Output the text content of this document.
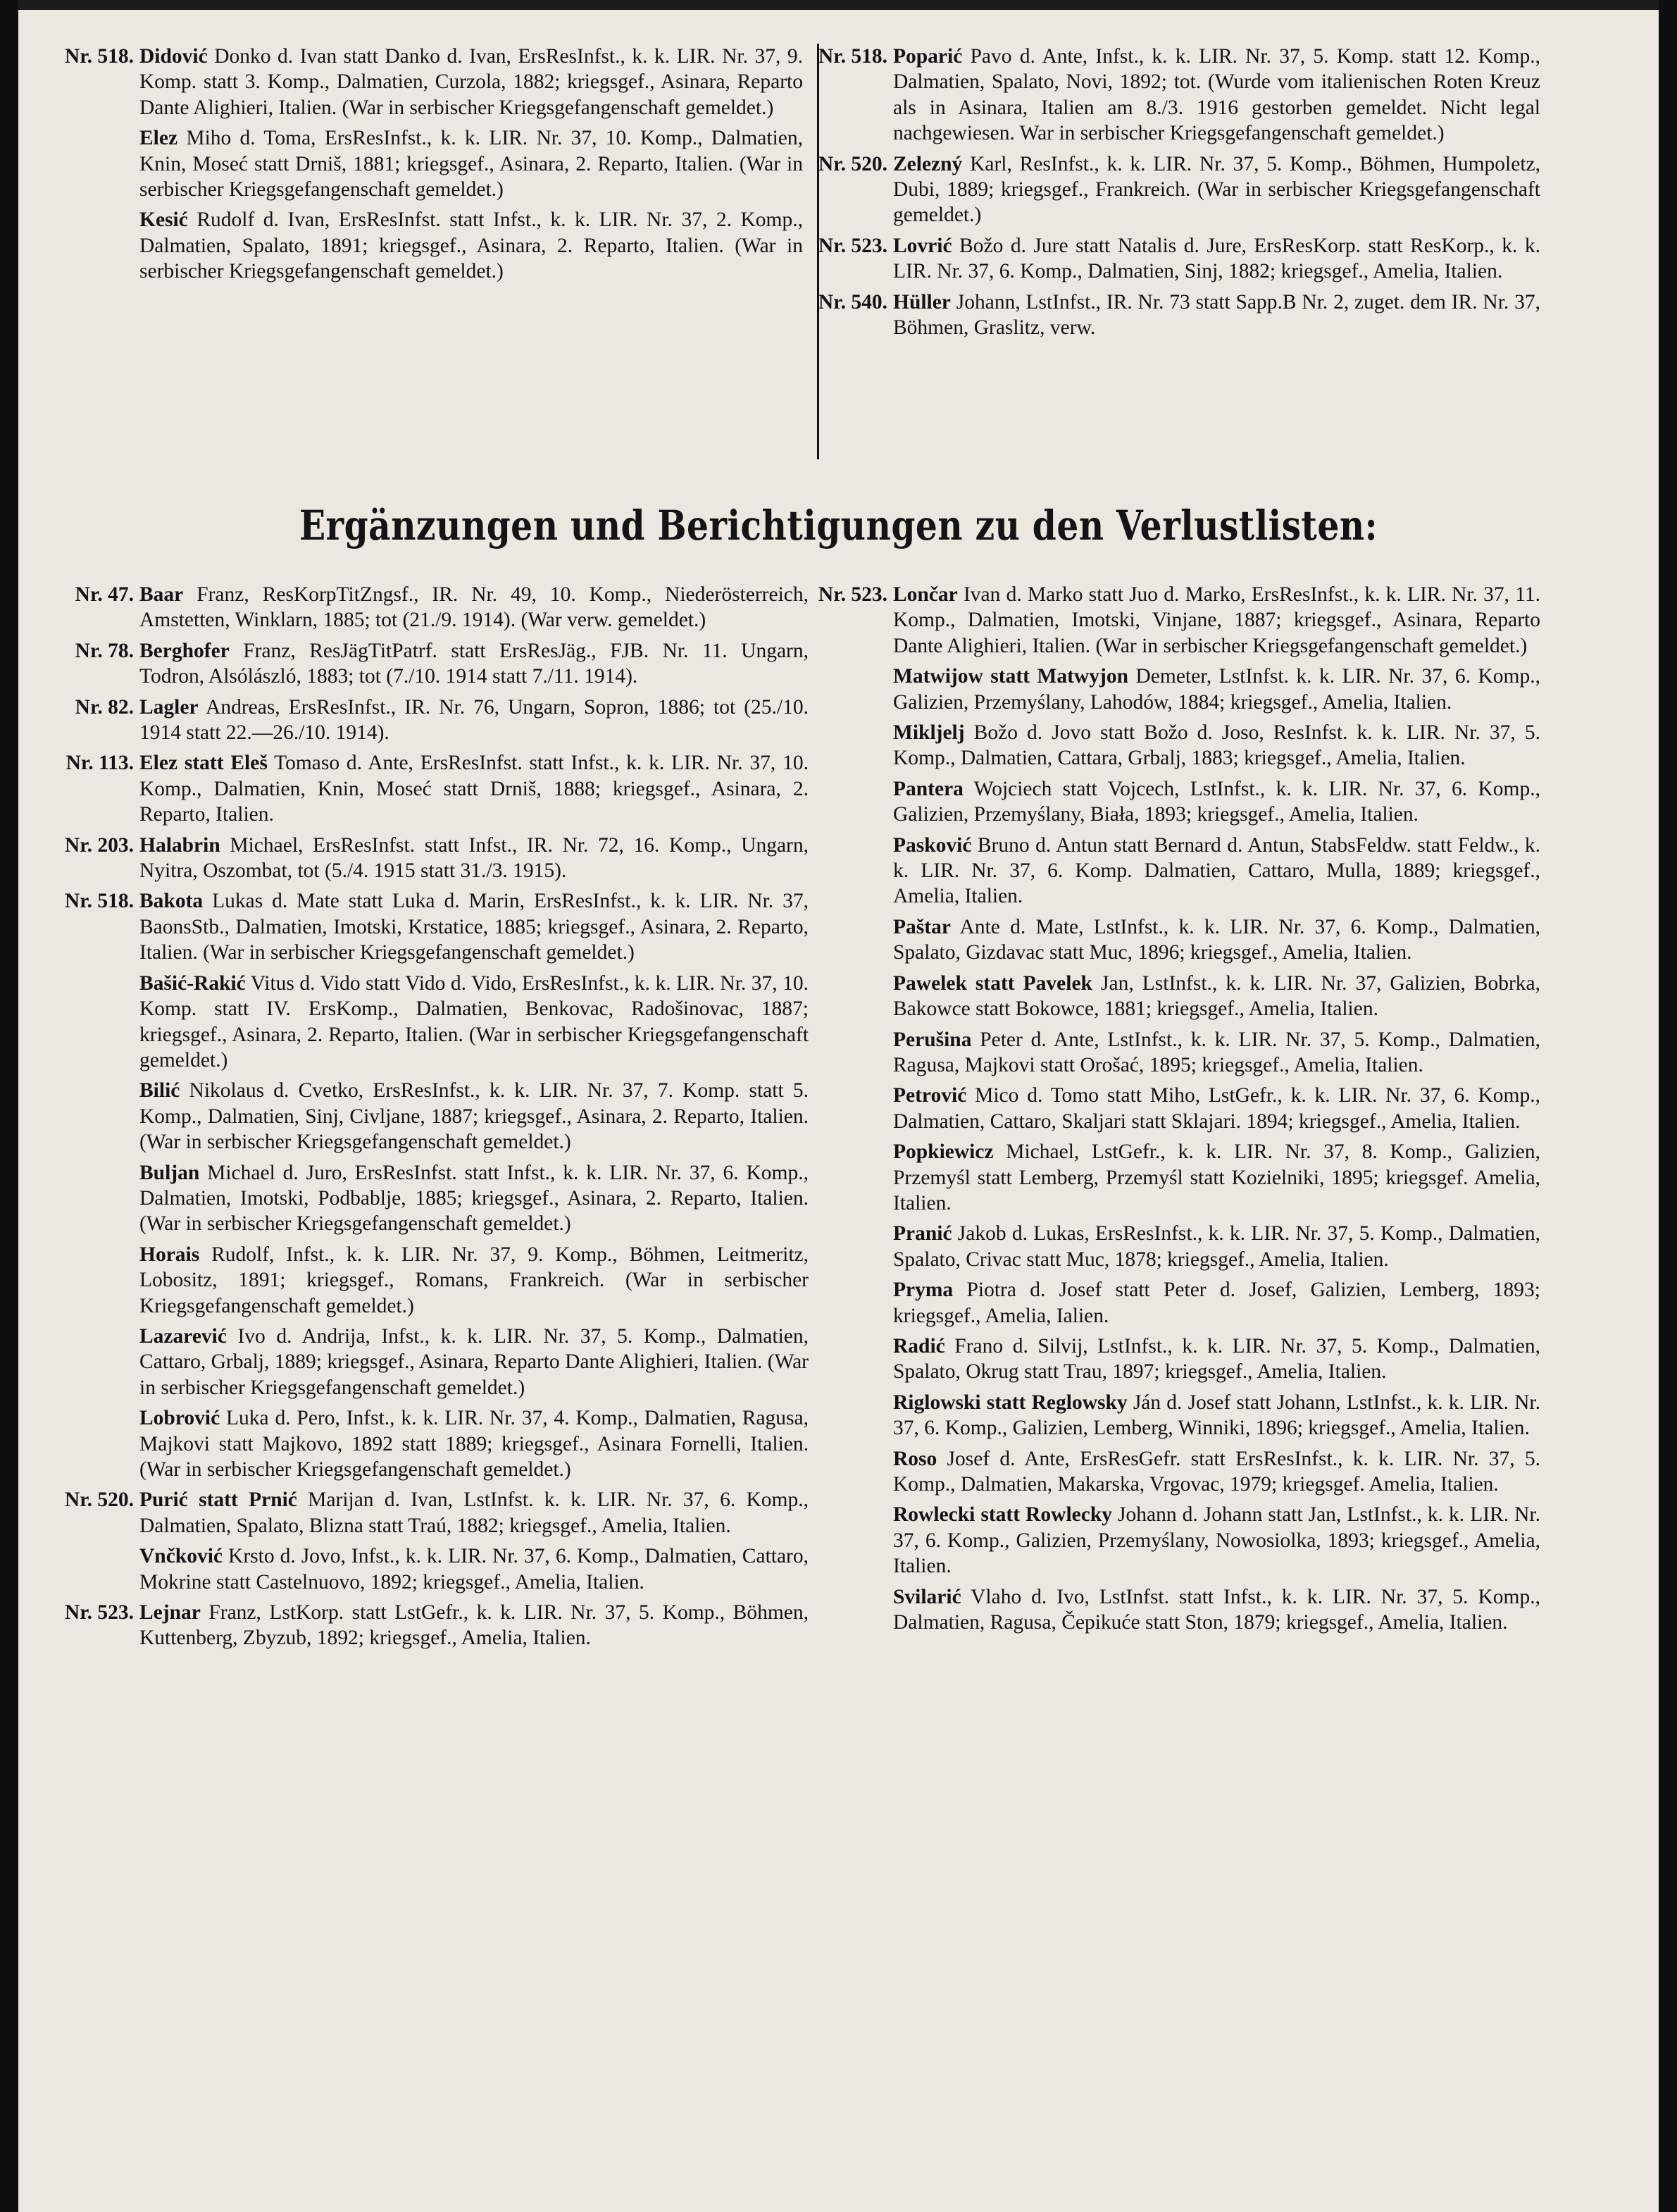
Nr. 518. Didović Donko d. Ivan statt Danko d. Ivan, ErsResInfst., k. k. LIR. Nr. 37, 9. Komp. statt 3. Komp., Dalmatien, Curzola, 1882; kriegsgef., Asinara, Reparto Dante Alighieri, Italien. (War in serbischer Kriegsgefangenschaft gemeldet.)
Elez Miho d. Toma, ErsResInfst., k. k. LIR. Nr. 37, 10. Komp., Dalmatien, Knin, Moseć statt Drniš, 1881; kriegsgef., Asinara, 2. Reparto, Italien. (War in serbischer Kriegsgefangenschaft gemeldet.)
Kesić Rudolf d. Ivan, ErsResInfst. statt Infst., k. k. LIR. Nr. 37, 2. Komp., Dalmatien, Spalato, 1891; kriegsgef., Asinara, 2. Reparto, Italien. (War in serbischer Kriegsgefangenschaft gemeldet.)
Nr. 518. Poparić Pavo d. Ante, Infst., k. k. LIR. Nr. 37, 5. Komp. statt 12. Komp., Dalmatien, Spalato, Novi, 1892; tot. (Wurde vom italienischen Roten Kreuz als in Asinara, Italien am 8./3. 1916 gestorben gemeldet. Nicht legal nachgewiesen. War in serbischer Kriegsgefangenschaft gemeldet.)
Nr. 520. Zelezný Karl, ResInfst., k. k. LIR. Nr. 37, 5. Komp., Böhmen, Humpoletz, Dubi, 1889; kriegsgef., Frankreich. (War in serbischer Kriegsgefangenschaft gemeldet.)
Nr. 523. Lovrić Božo d. Jure statt Natalis d. Jure, ErsResKorp. statt ResKorp., k. k. LIR. Nr. 37, 6. Komp., Dalmatien, Sinj, 1882; kriegsgef., Amelia, Italien.
Nr. 540. Hüller Johann, LstInfst., IR. Nr. 73 statt Sapp.B Nr. 2, zuget. dem IR. Nr. 37, Böhmen, Graslitz, verw.
Ergänzungen und Berichtigungen zu den Verlustlisten:
Nr. 47. Baar Franz, ResKorpTitZngsf., IR. Nr. 49, 10. Komp., Niederösterreich, Amstetten, Winklarn, 1885; tot (21./9. 1914). (War verw. gemeldet.)
Nr. 78. Berghofer Franz, ResJägTitPatrf. statt ErsResJäg., FJB. Nr. 11. Ungarn, Todron, Alsólászló, 1883; tot (7./10. 1914 statt 7./11. 1914).
Nr. 82. Lagler Andreas, ErsResInfst., IR. Nr. 76, Ungarn, Sopron, 1886; tot (25./10. 1914 statt 22.—26./10. 1914).
Nr. 113. Elez statt Eleš Tomaso d. Ante, ErsResInfst. statt Infst., k. k. LIR. Nr. 37, 10. Komp., Dalmatien, Knin, Moseć statt Drniš, 1888; kriegsgef., Asinara, 2. Reparto, Italien.
Nr. 203. Halabrin Michael, ErsResInfst. statt Infst., IR. Nr. 72, 16. Komp., Ungarn, Nyitra, Oszombat, tot (5./4. 1915 statt 31./3. 1915).
Nr. 518. Bakota Lukas d. Mate statt Luka d. Marin, ErsResInfst., k. k. LIR. Nr. 37, BaonsStb., Dalmatien, Imotski, Krstatice, 1885; kriegsgef., Asinara, 2. Reparto, Italien. (War in serbischer Kriegsgefangenschaft gemeldet.)
Bašić-Rakić Vitus d. Vido statt Vido d. Vido, ErsResInfst., k. k. LIR. Nr. 37, 10. Komp. statt IV. ErsKomp., Dalmatien, Benkovac, Radošinovac, 1887; kriegsgef., Asinara, 2. Reparto, Italien. (War in serbischer Kriegsgefangenschaft gemeldet.)
Bilić Nikolaus d. Cvetko, ErsResInfst., k. k. LIR. Nr. 37, 7. Komp. statt 5. Komp., Dalmatien, Sinj, Civljane, 1887; kriegsgef., Asinara, 2. Reparto, Italien. (War in serbischer Kriegsgefangenschaft gemeldet.)
Buljan Michael d. Juro, ErsResInfst. statt Infst., k. k. LIR. Nr. 37, 6. Komp., Dalmatien, Imotski, Podbablje, 1885; kriegsgef., Asinara, 2. Reparto, Italien. (War in serbischer Kriegsgefangenschaft gemeldet.)
Horais Rudolf, Infst., k. k. LIR. Nr. 37, 9. Komp., Böhmen, Leitmeritz, Lobositz, 1891; kriegsgef., Romans, Frankreich. (War in serbischer Kriegsgefangenschaft gemeldet.)
Lazarević Ivo d. Andrija, Infst., k. k. LIR. Nr. 37, 5. Komp., Dalmatien, Cattaro, Grbalj, 1889; kriegsgef., Asinara, Reparto Dante Alighieri, Italien. (War in serbischer Kriegsgefangenschaft gemeldet.)
Lobrović Luka d. Pero, Infst., k. k. LIR. Nr. 37, 4. Komp., Dalmatien, Ragusa, Majkovi statt Majkovo, 1892 statt 1889; kriegsgef., Asinara Fornelli, Italien. (War in serbischer Kriegsgefangenschaft gemeldet.)
Nr. 520. Purić statt Prnić Marijan d. Ivan, LstInfst. k. k. LIR. Nr. 37, 6. Komp., Dalmatien, Spalato, Blizna statt Traú, 1882; kriegsgef., Amelia, Italien.
Vnčković Krsto d. Jovo, Infst., k. k. LIR. Nr. 37, 6. Komp., Dalmatien, Cattaro, Mokrine statt Castelnuovo, 1892; kriegsgef., Amelia, Italien.
Nr. 523. Lejnar Franz, LstKorp. statt LstGefr., k. k. LIR. Nr. 37, 5. Komp., Böhmen, Kuttenberg, Zbyzub, 1892; kriegsgef., Amelia, Italien.
Nr. 523. Lončar Ivan d. Marko statt Juo d. Marko, ErsResInfst., k. k. LIR. Nr. 37, 11. Komp., Dalmatien, Imotski, Vinjane, 1887; kriegsgef., Asinara, Reparto Dante Alighieri, Italien. (War in serbischer Kriegsgefangenschaft gemeldet.)
Matwijow statt Matwyjon Demeter, LstInfst. k. k. LIR. Nr. 37, 6. Komp., Galizien, Przemyślany, Lahodów, 1884; kriegsgef., Amelia, Italien.
Mikljelj Božo d. Jovo statt Božo d. Joso, ResInfst. k. k. LIR. Nr. 37, 5. Komp., Dalmatien, Cattara, Grbalj, 1883; kriegsgef., Amelia, Italien.
Pantera Wojciech statt Vojcech, LstInfst., k. k. LIR. Nr. 37, 6. Komp., Galizien, Przemyślany, Biała, 1893; kriegsgef., Amelia, Italien.
Pasković Bruno d. Antun statt Bernard d. Antun, StabsFeldw. statt Feldw., k. k. LIR. Nr. 37, 6. Komp. Dalmatien, Cattaro, Mulla, 1889; kriegsgef., Amelia, Italien.
Paštar Ante d. Mate, LstInfst., k. k. LIR. Nr. 37, 6. Komp., Dalmatien, Spalato, Gizdavac statt Muc, 1896; kriegsgef., Amelia, Italien.
Pawelek statt Pavelek Jan, LstInfst., k. k. LIR. Nr. 37, Galizien, Bobrka, Bakowce statt Bokowce, 1881; kriegsgef., Amelia, Italien.
Perušina Peter d. Ante, LstInfst., k. k. LIR. Nr. 37, 5. Komp., Dalmatien, Ragusa, Majkovi statt Orošać, 1895; kriegsgef., Amelia, Italien.
Petrović Mico d. Tomo statt Miho, LstGefr., k. k. LIR. Nr. 37, 6. Komp., Dalmatien, Cattaro, Skaljari statt Sklajari. 1894; kriegsgef., Amelia, Italien.
Popkiewicz Michael, LstGefr., k. k. LIR. Nr. 37, 8. Komp., Galizien, Przemyśl statt Lemberg, Przemyśl statt Kozielniki, 1895; kriegsgef. Amelia, Italien.
Pranić Jakob d. Lukas, ErsResInfst., k. k. LIR. Nr. 37, 5. Komp., Dalmatien, Spalato, Crivac statt Muc, 1878; kriegsgef., Amelia, Italien.
Pryma Piotra d. Josef statt Peter d. Josef, Galizien, Lemberg, 1893; kriegsgef., Amelia, Ialien.
Radić Frano d. Silvij, LstInfst., k. k. LIR. Nr. 37, 5. Komp., Dalmatien, Spalato, Okrug statt Trau, 1897; kriegsgef., Amelia, Italien.
Riglowski statt Reglowsky Ján d. Josef statt Johann, LstInfst., k. k. LIR. Nr. 37, 6. Komp., Galizien, Lemberg, Winniki, 1896; kriegsgef., Amelia, Italien.
Roso Josef d. Ante, ErsResGefr. statt ErsResInfst., k. k. LIR. Nr. 37, 5. Komp., Dalmatien, Makarska, Vrgovac, 1979; kriegsgef. Amelia, Italien.
Rowlecki statt Rowlecky Johann d. Johann statt Jan, LstInfst., k. k. LIR. Nr. 37, 6. Komp., Galizien, Przemyślany, Nowosiolka, 1893; kriegsgef., Amelia, Italien.
Svilarić Vlaho d. Ivo, LstInfst. statt Infst., k. k. LIR. Nr. 37, 5. Komp., Dalmatien, Ragusa, Čepikuće statt Ston, 1879; kriegsgef., Amelia, Italien.
